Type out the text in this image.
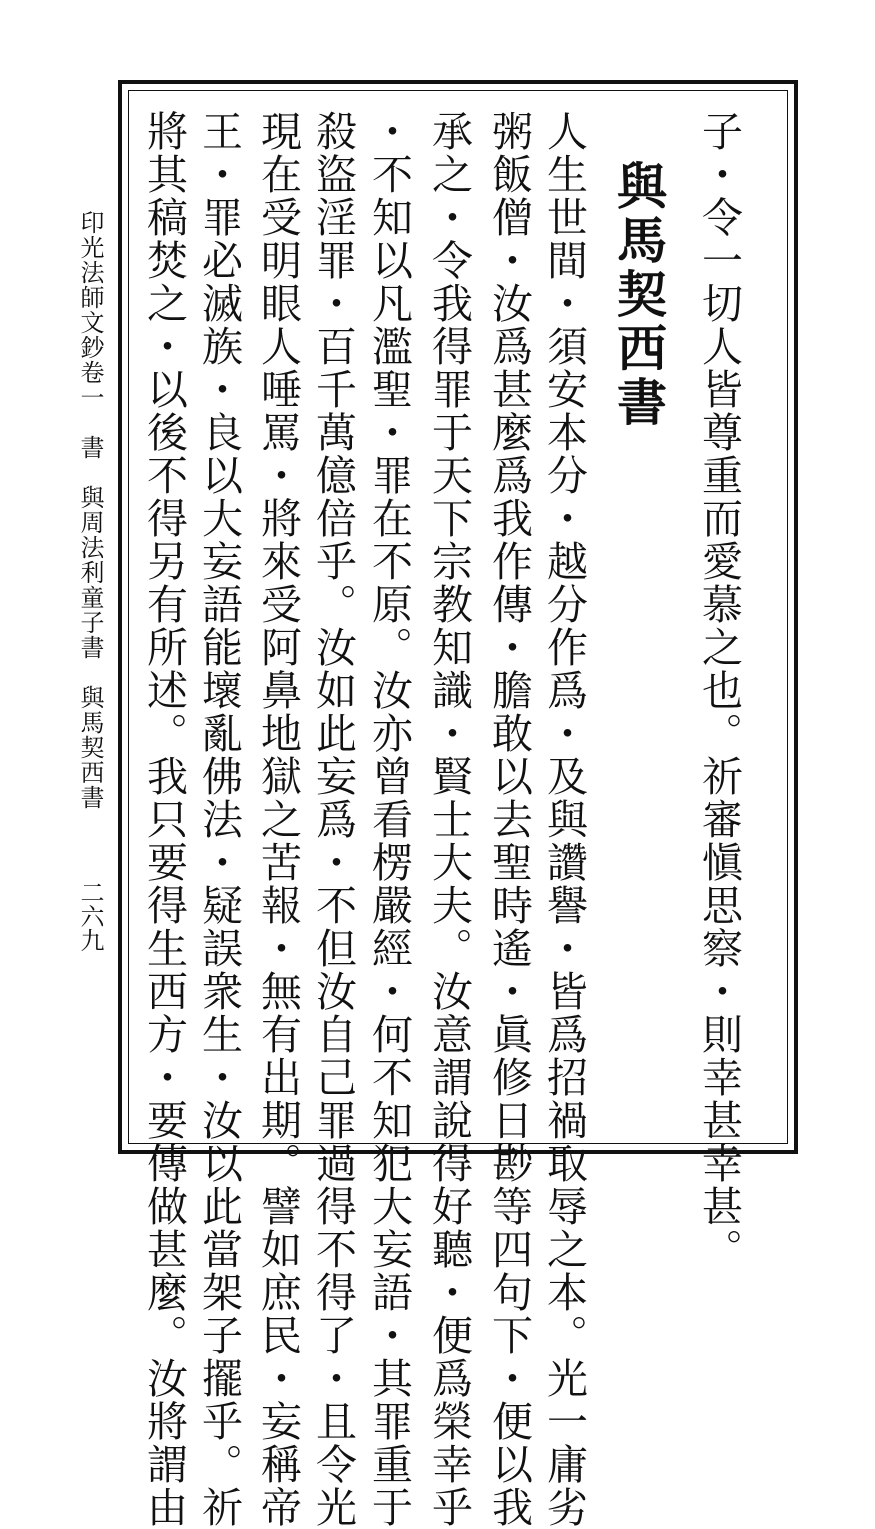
子・令一切人皆尊重而愛慕之也。祈審愼思察・則幸甚幸甚。
與馬契西書
人生世間・須安本分・越分作爲・及與讚譽・皆爲招禍取辱之本。光一庸劣
粥飯僧・汝爲甚麼爲我作傳・膽敢以去聖時遙・眞修日尠等四句下・便以我
承之・令我得罪于天下宗教知識・賢士大夫。汝意謂說得好聽・便爲榮幸乎
・不知以凡濫聖・罪在不原。汝亦曾看楞嚴經・何不知犯大妄語・其罪重于
殺盜淫罪・百千萬億倍乎。汝如此妄爲・不但汝自己罪過得不得了・且令光
現在受明眼人唾罵・將來受阿鼻地獄之苦報・無有出期。譬如庶民・妄稱帝
王・罪必滅族・良以大妄語能壞亂佛法・疑誤衆生・汝以此當架子擺乎。祈
將其稿焚之・以後不得另有所述。我只要得生西方・要傳做甚麼。汝將謂由
印光法師文鈔卷一　書　與周法利童子書　與馬契西書
二六九
